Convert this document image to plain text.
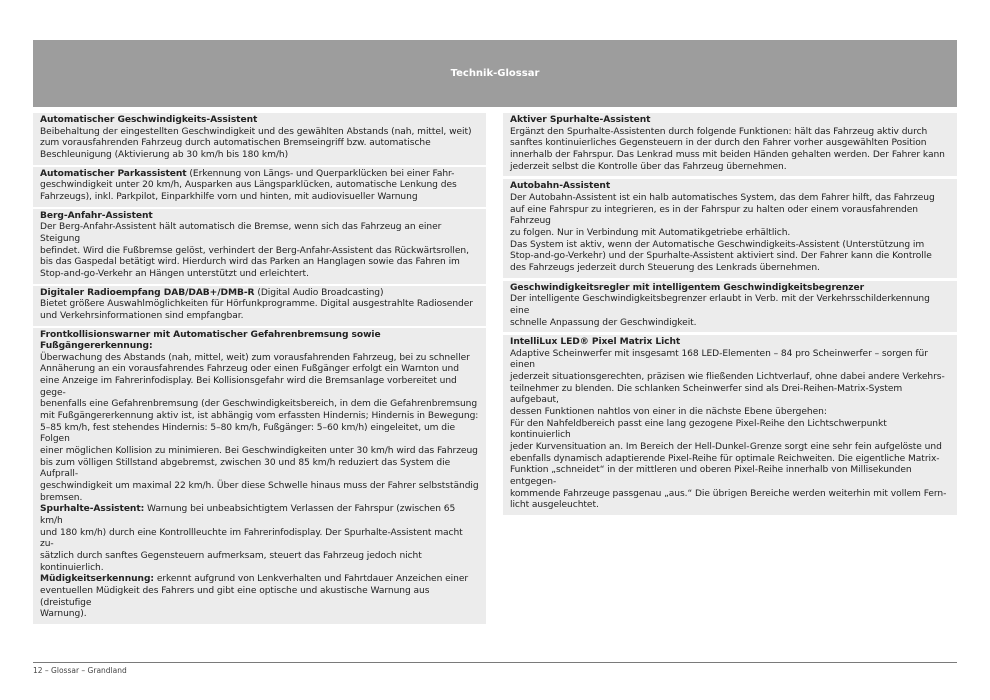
Technik-Glossar
Automatischer Geschwindigkeits-Assistent
Beibehaltung der eingestellten Geschwindigkeit und des gewählten Abstands (nah, mittel, weit)
zum vorausfahrenden Fahrzeug durch automatischen Bremseingriff bzw. automatische
Beschleunigung (Aktivierung ab 30 km/h bis 180 km/h)
Automatischer Parkassistent (Erkennung von Längs- und Querparklücken bei einer Fahr-
geschwindigkeit unter 20 km/h, Ausparken aus Längsparklücken, automatische Lenkung des
Fahrzeugs), inkl. Parkpilot, Einparkhilfe vorn und hinten, mit audiovisueller Warnung
Berg-Anfahr-Assistent
Der Berg-Anfahr-Assistent hält automatisch die Bremse, wenn sich das Fahrzeug an einer Steigung
befindet. Wird die Fußbremse gelöst, verhindert der Berg-Anfahr-Assistent das Rückwärtsrollen,
bis das Gaspedal betätigt wird. Hierdurch wird das Parken an Hanglagen sowie das Fahren im
Stop-and-go-Verkehr an Hängen unterstützt und erleichtert.
Digitaler Radioempfang DAB/DAB+/DMB-R (Digital Audio Broadcasting)
Bietet größere Auswahlmöglichkeiten für Hörfunkprogramme. Digital ausgestrahlte Radiosender
und Verkehrsinformationen sind empfangbar.
Frontkollisionswarner mit Automatischer Gefahrenbremsung sowie Fußgängererkennung:
Überwachung des Abstands (nah, mittel, weit) zum vorausfahrenden Fahrzeug, bei zu schneller
Annäherung an ein vorausfahrendes Fahrzeug oder einen Fußgänger erfolgt ein Warnton und
eine Anzeige im Fahrerinfodisplay. Bei Kollisionsgefahr wird die Bremsanlage vorbereitet und gege-
benenfalls eine Gefahrenbremsung (der Geschwindigkeitsbereich, in dem die Gefahrenbremsung
mit Fußgängererkennung aktiv ist, ist abhängig vom erfassten Hindernis; Hindernis in Bewegung:
5–85 km/h, fest stehendes Hindernis: 5–80 km/h, Fußgänger: 5–60 km/h) eingeleitet, um die Folgen
einer möglichen Kollision zu minimieren. Bei Geschwindigkeiten unter 30 km/h wird das Fahrzeug
bis zum völligen Stillstand abgebremst, zwischen 30 und 85 km/h reduziert das System die Aufprall-
geschwindigkeit um maximal 22 km/h. Über diese Schwelle hinaus muss der Fahrer selbstständig
bremsen.
Spurhalte-Assistent: Warnung bei unbeabsichtigtem Verlassen der Fahrspur (zwischen 65 km/h
und 180 km/h) durch eine Kontrollleuchte im Fahrerinfodisplay. Der Spurhalte-Assistent macht zu-
sätzlich durch sanftes Gegensteuern aufmerksam, steuert das Fahrzeug jedoch nicht kontinuierlich.
Müdigkeitserkennung: erkennt aufgrund von Lenkverhalten und Fahrtdauer Anzeichen einer
eventuellen Müdigkeit des Fahrers und gibt eine optische und akustische Warnung aus (dreistufige
Warnung).
Aktiver Spurhalte-Assistent
Ergänzt den Spurhalte-Assistenten durch folgende Funktionen: hält das Fahrzeug aktiv durch
sanftes kontinuierliches Gegensteuern in der durch den Fahrer vorher ausgewählten Position
innerhalb der Fahrspur. Das Lenkrad muss mit beiden Händen gehalten werden. Der Fahrer kann
jederzeit selbst die Kontrolle über das Fahrzeug übernehmen.
Autobahn-Assistent
Der Autobahn-Assistent ist ein halb automatisches System, das dem Fahrer hilft, das Fahrzeug
auf eine Fahrspur zu integrieren, es in der Fahrspur zu halten oder einem vorausfahrenden Fahrzeug
zu folgen. Nur in Verbindung mit Automatikgetriebe erhältlich.
Das System ist aktiv, wenn der Automatische Geschwindigkeits-Assistent (Unterstützung im
Stop-and-go-Verkehr) und der Spurhalte-Assistent aktiviert sind. Der Fahrer kann die Kontrolle
des Fahrzeugs jederzeit durch Steuerung des Lenkrads übernehmen.
Geschwindigkeitsregler mit intelligentem Geschwindigkeitsbegrenzer
Der intelligente Geschwindigkeitsbegrenzer erlaubt in Verb. mit der Verkehrsschilderkennung eine
schnelle Anpassung der Geschwindigkeit.
IntelliLux LED® Pixel Matrix Licht
Adaptive Scheinwerfer mit insgesamt 168 LED-Elementen – 84 pro Scheinwerfer – sorgen für einen
jederzeit situationsgerechten, präzisen wie fließenden Lichtverlauf, ohne dabei andere Verkehrs-
teilnehmer zu blenden. Die schlanken Scheinwerfer sind als Drei-Reihen-Matrix-System aufgebaut,
dessen Funktionen nahtlos von einer in die nächste Ebene übergehen:
Für den Nahfeldbereich passt eine lang gezogene Pixel-Reihe den Lichtschwerpunkt kontinuierlich
jeder Kurvensituation an. Im Bereich der Hell-Dunkel-Grenze sorgt eine sehr fein aufgelöste und
ebenfalls dynamisch adaptierende Pixel-Reihe für optimale Reichweiten. Die eigentliche Matrix-
Funktion „schneidet“ in der mittleren und oberen Pixel-Reihe innerhalb von Millisekunden entgegen-
kommende Fahrzeuge passgenau „aus.“ Die übrigen Bereiche werden weiterhin mit vollem Fern-
licht ausgeleuchtet.
12 – Glossar – Grandland
